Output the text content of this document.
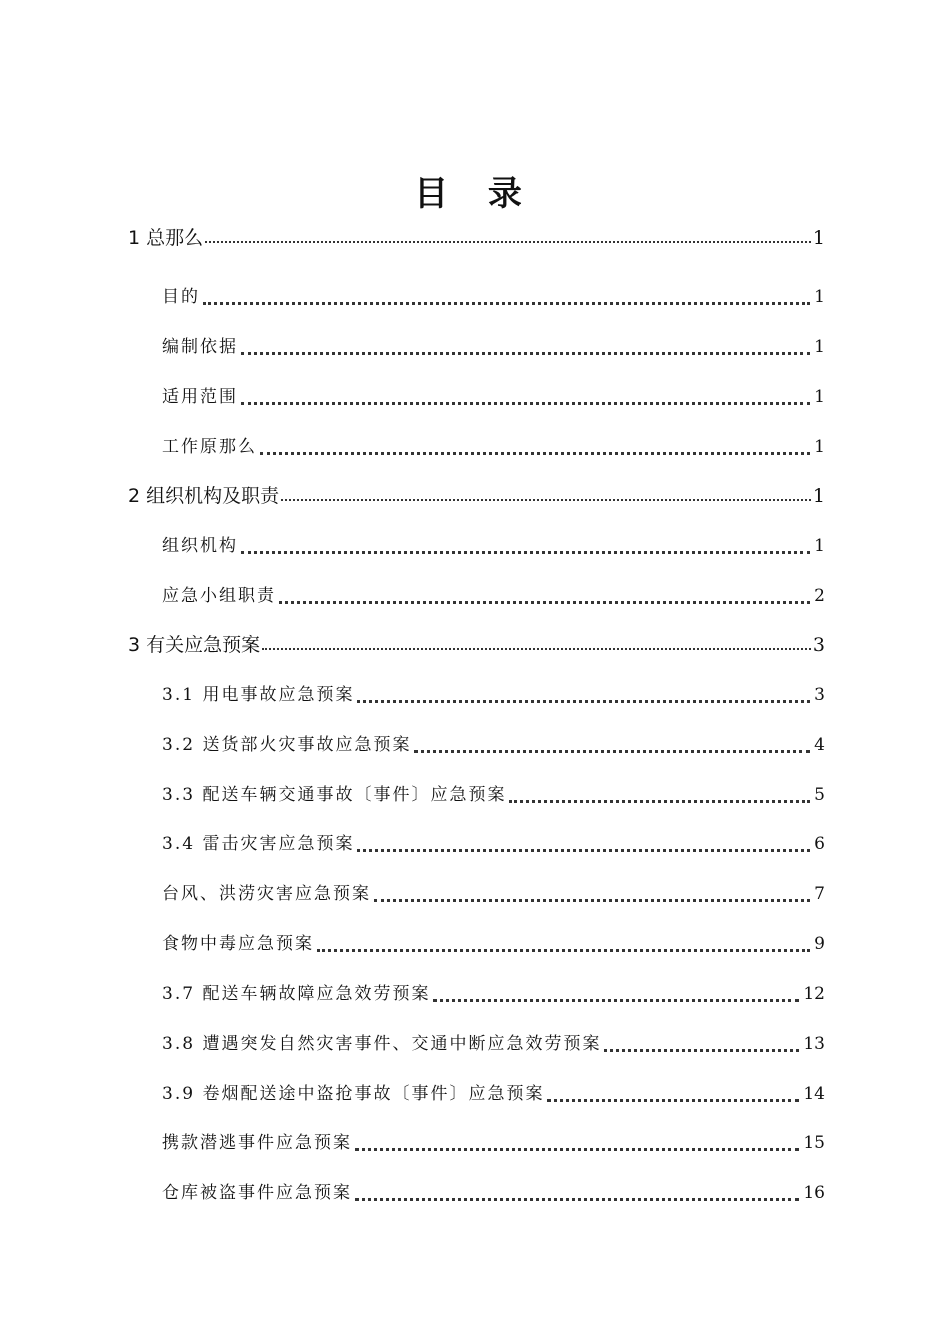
目 录
1 总那么	1
目的	1
编制依据	1
适用范围	1
工作原那么	1
2 组织机构及职责	1
组织机构	1
应急小组职责	2
3 有关应急预案	3
3.1 用电事故应急预案	3
3.2 送货部火灾事故应急预案	4
3.3 配送车辆交通事故〔事件〕应急预案	5
3.4 雷击灾害应急预案	6
台风、洪涝灾害应急预案	7
食物中毒应急预案	9
3.7 配送车辆故障应急效劳预案	12
3.8 遭遇突发自然灾害事件、交通中断应急效劳预案	13
3.9 卷烟配送途中盗抢事故〔事件〕应急预案	14
携款潜逃事件应急预案	15
仓库被盗事件应急预案	16
